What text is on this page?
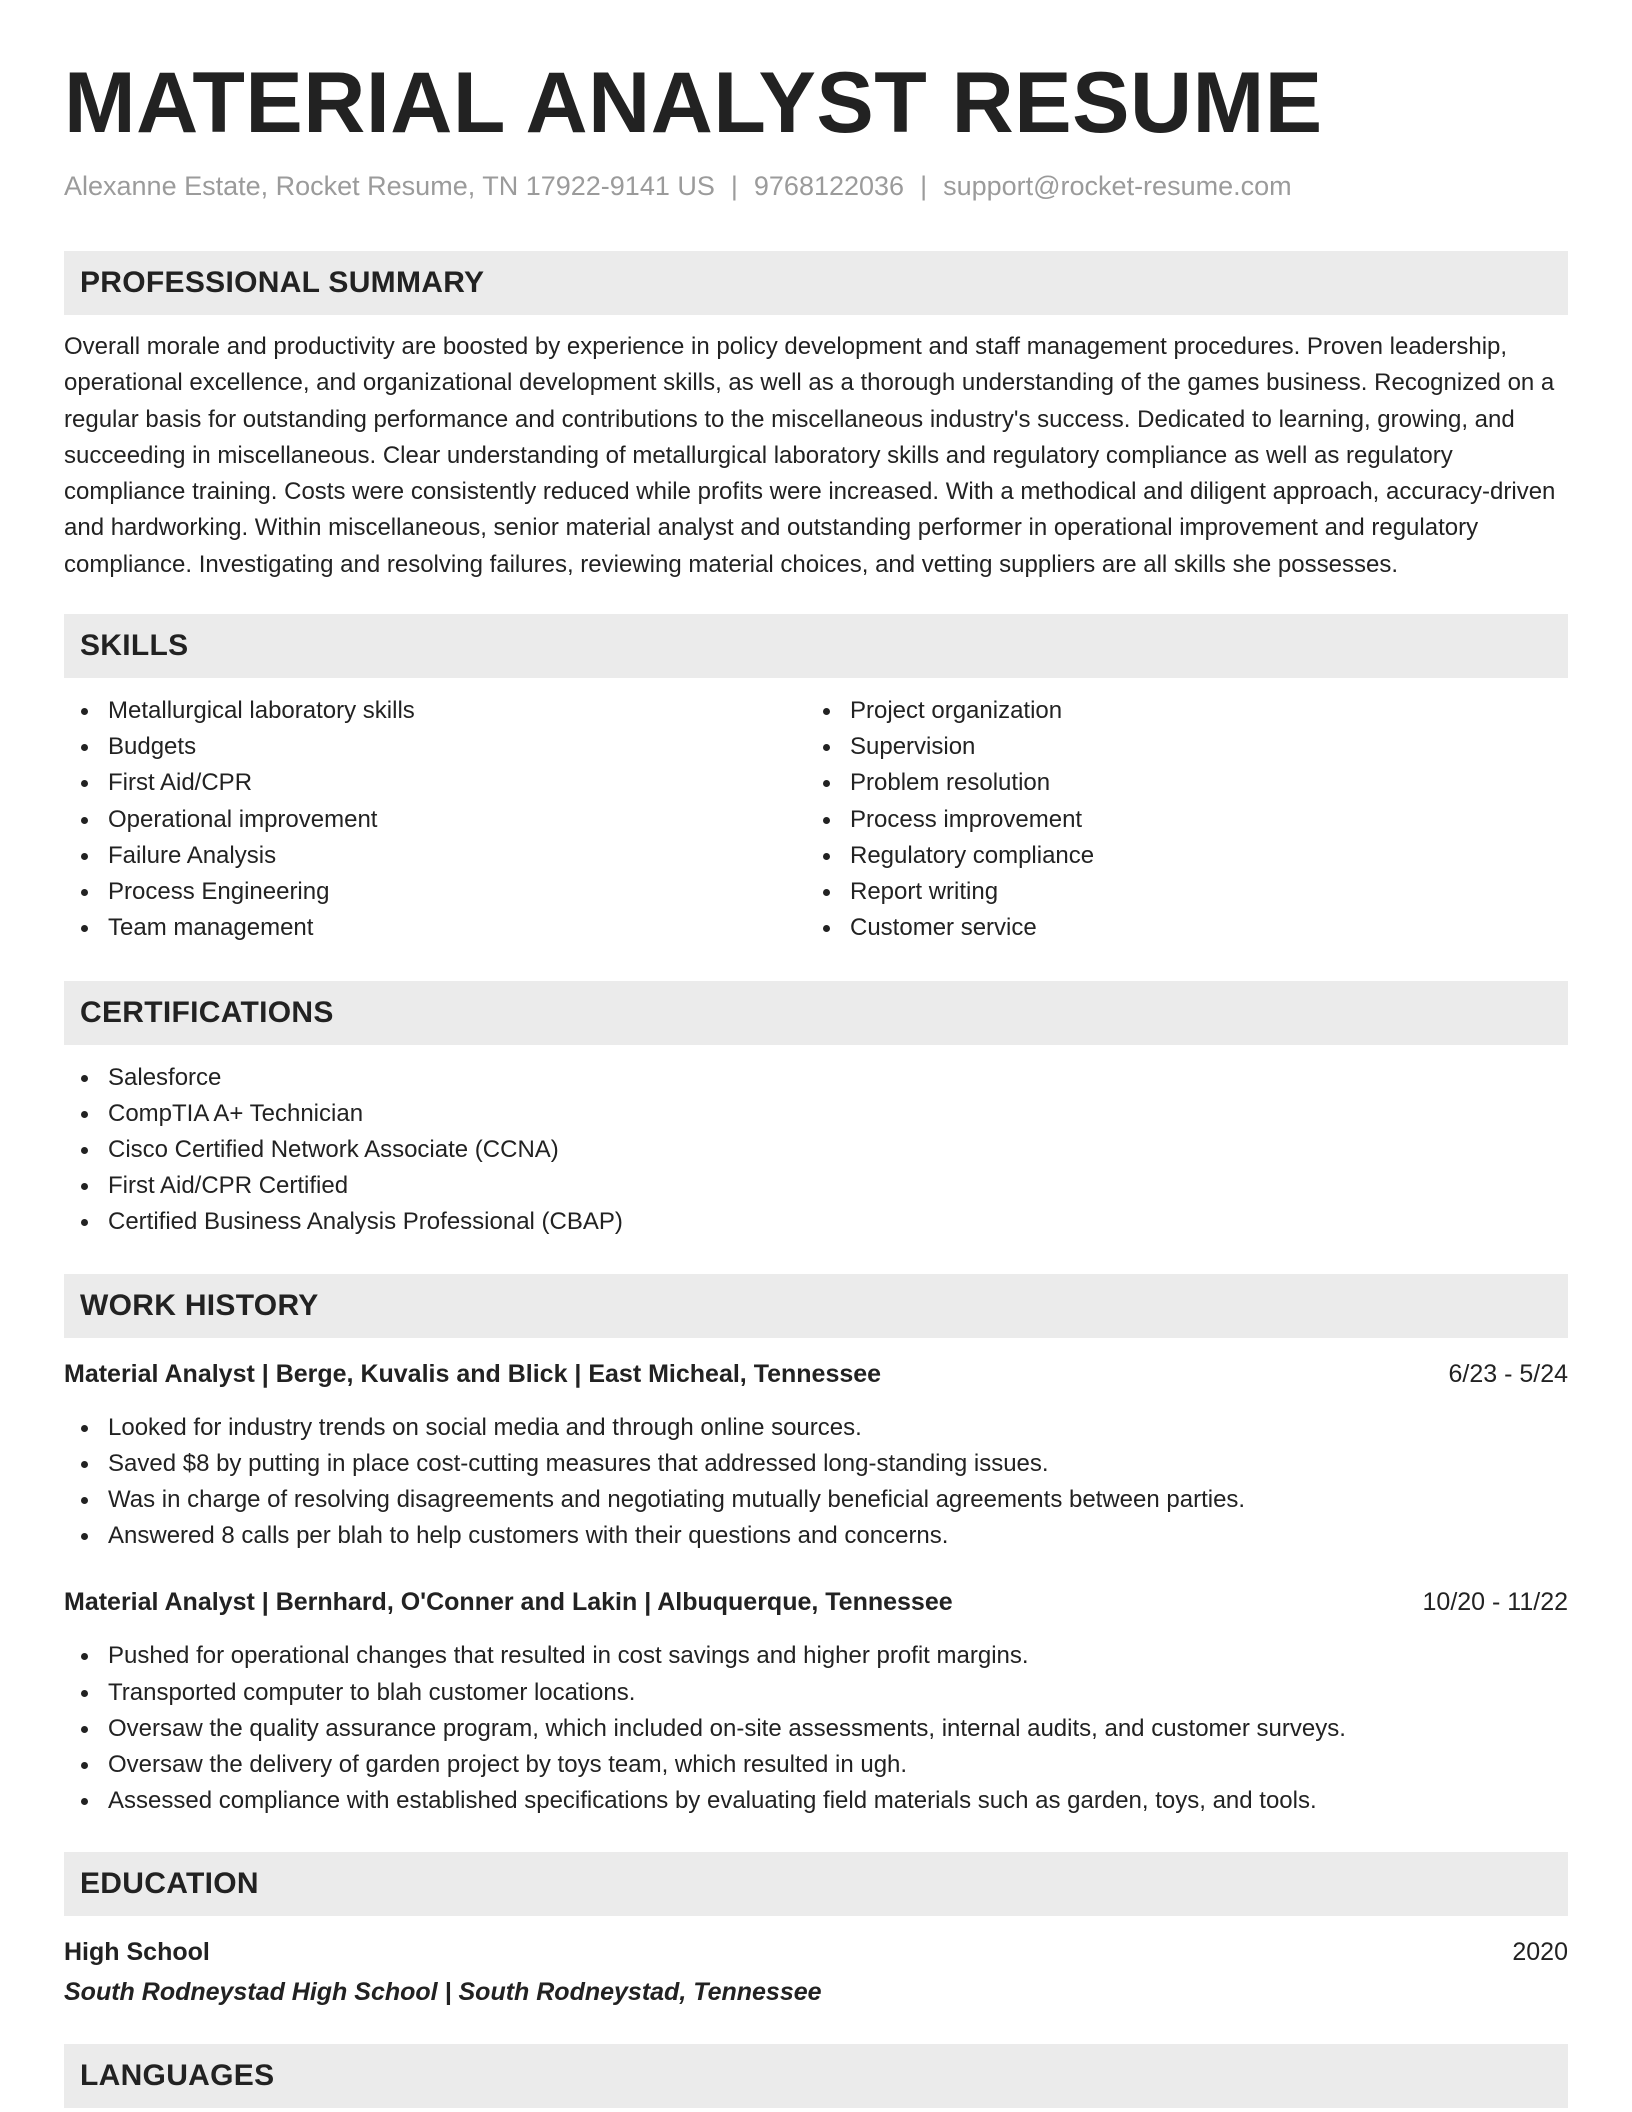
MATERIAL ANALYST RESUME
Alexanne Estate, Rocket Resume, TN 17922-9141 US | 9768122036 | support@rocket-resume.com
PROFESSIONAL SUMMARY

Overall morale and productivity are boosted by experience in policy development and staff management procedures. Proven leadership, operational excellence, and organizational development skills, as well as a thorough understanding of the games business. Recognized on a regular basis for outstanding performance and contributions to the miscellaneous industry's success. Dedicated to learning, growing, and succeeding in miscellaneous. Clear understanding of metallurgical laboratory skills and regulatory compliance as well as regulatory compliance training. Costs were consistently reduced while profits were increased. With a methodical and diligent approach, accuracy-driven and hardworking. Within miscellaneous, senior material analyst and outstanding performer in operational improvement and regulatory compliance. Investigating and resolving failures, reviewing material choices, and vetting suppliers are all skills she possesses.

SKILLS
Metallurgical laboratory skills
Budgets
First Aid/CPR
Operational improvement
Failure Analysis
Process Engineering
Team management
Project organization
Supervision
Problem resolution
Process improvement
Regulatory compliance
Report writing
Customer service
CERTIFICATIONS
Salesforce
CompTIA A+ Technician
Cisco Certified Network Associate (CCNA)
First Aid/CPR Certified
Certified Business Analysis Professional (CBAP)
WORK HISTORY
Material Analyst | Berge, Kuvalis and Blick | East Micheal, Tennessee	6/23 - 5/24
Looked for industry trends on social media and through online sources.
Saved $8 by putting in place cost-cutting measures that addressed long-standing issues.
Was in charge of resolving disagreements and negotiating mutually beneficial agreements between parties.
Answered 8 calls per blah to help customers with their questions and concerns.
Material Analyst | Bernhard, O'Conner and Lakin | Albuquerque, Tennessee	10/20 - 11/22
Pushed for operational changes that resulted in cost savings and higher profit margins.
Transported computer to blah customer locations.
Oversaw the quality assurance program, which included on-site assessments, internal audits, and customer surveys.
Oversaw the delivery of garden project by toys team, which resulted in ugh.
Assessed compliance with established specifications by evaluating field materials such as garden, toys, and tools.
EDUCATION
High School	2020
South Rodneystad High School | South Rodneystad, Tennessee
LANGUAGES
